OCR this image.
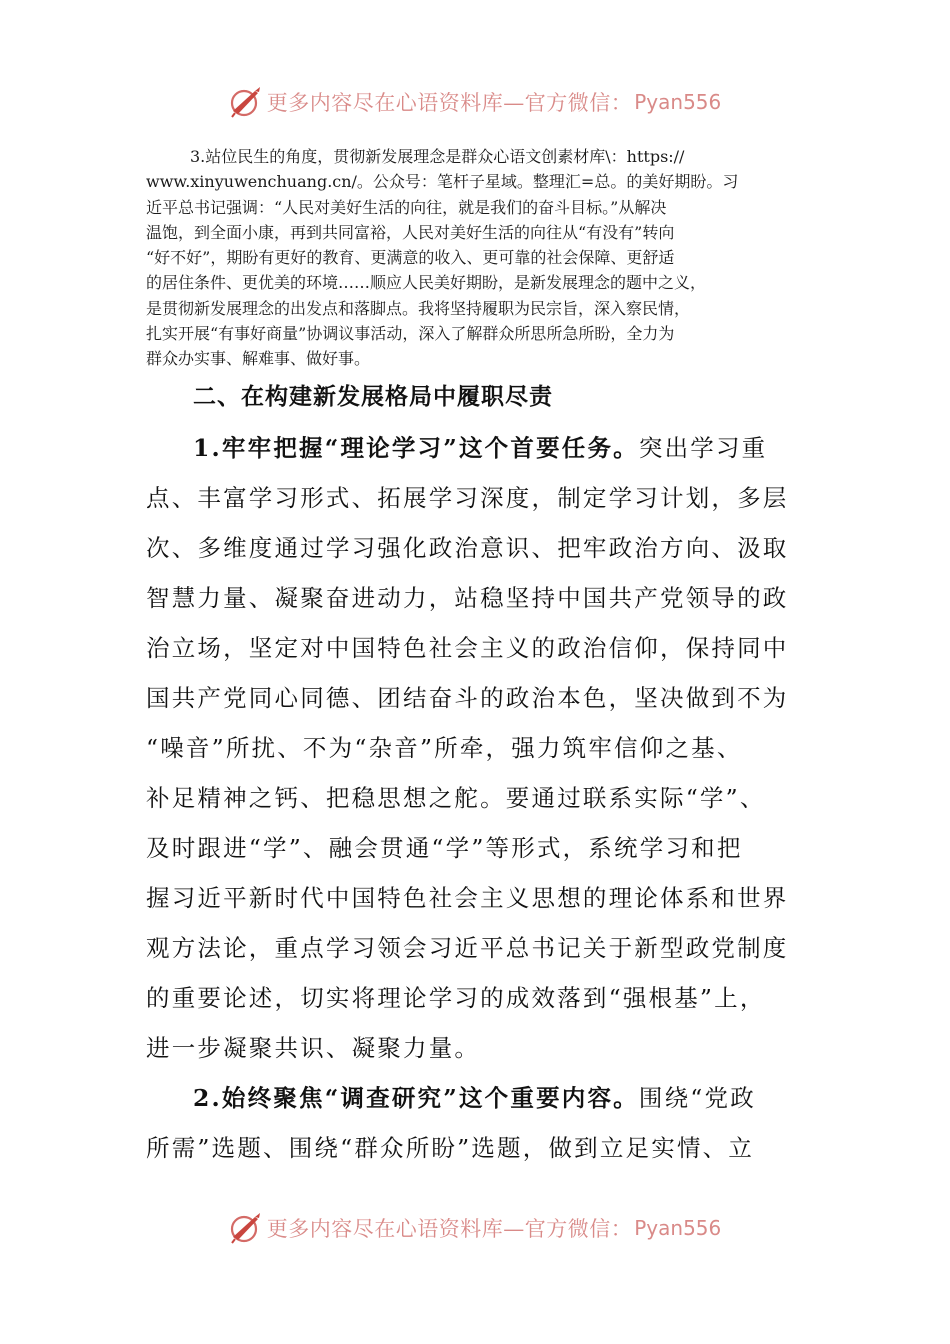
更多内容尽在心语资料库—官方微信： Pyan556

3.站位民生的角度，贯彻新发展理念是群众心语文创素材库\：https://
www.xinyuwenchuang.cn/。公众号：笔杆子星域。整理汇=总。的美好期盼。习
近平总书记强调：“人民对美好生活的向往，就是我们的奋斗目标。”从解决
温饱，到全面小康，再到共同富裕，人民对美好生活的向往从“有没有”转向
“好不好”，期盼有更好的教育、更满意的收入、更可靠的社会保障、更舒适
的居住条件、更优美的环境……顺应人民美好期盼，是新发展理念的题中之义，
是贯彻新发展理念的出发点和落脚点。我将坚持履职为民宗旨，深入察民情，
扎实开展“有事好商量”协调议事活动，深入了解群众所思所急所盼，全力为
群众办实事、解难事、做好事。

二、在构建新发展格局中履职尽责

1.牢牢把握“理论学习”这个首要任务。突出学习重
点、丰富学习形式、拓展学习深度，制定学习计划，多层
次、多维度通过学习强化政治意识、把牢政治方向、汲取
智慧力量、凝聚奋进动力，站稳坚持中国共产党领导的政
治立场，坚定对中国特色社会主义的政治信仰，保持同中
国共产党同心同德、团结奋斗的政治本色，坚决做到不为
“噪音”所扰、不为“杂音”所牵，强力筑牢信仰之基、
补足精神之钙、把稳思想之舵。要通过联系实际“学”、
及时跟进“学”、融会贯通“学”等形式，系统学习和把
握习近平新时代中国特色社会主义思想的理论体系和世界
观方法论，重点学习领会习近平总书记关于新型政党制度
的重要论述，切实将理论学习的成效落到“强根基”上，
进一步凝聚共识、凝聚力量。

2.始终聚焦“调查研究”这个重要内容。围绕“党政
所需”选题、围绕“群众所盼”选题，做到立足实情、立

更多内容尽在心语资料库—官方微信： Pyan556
